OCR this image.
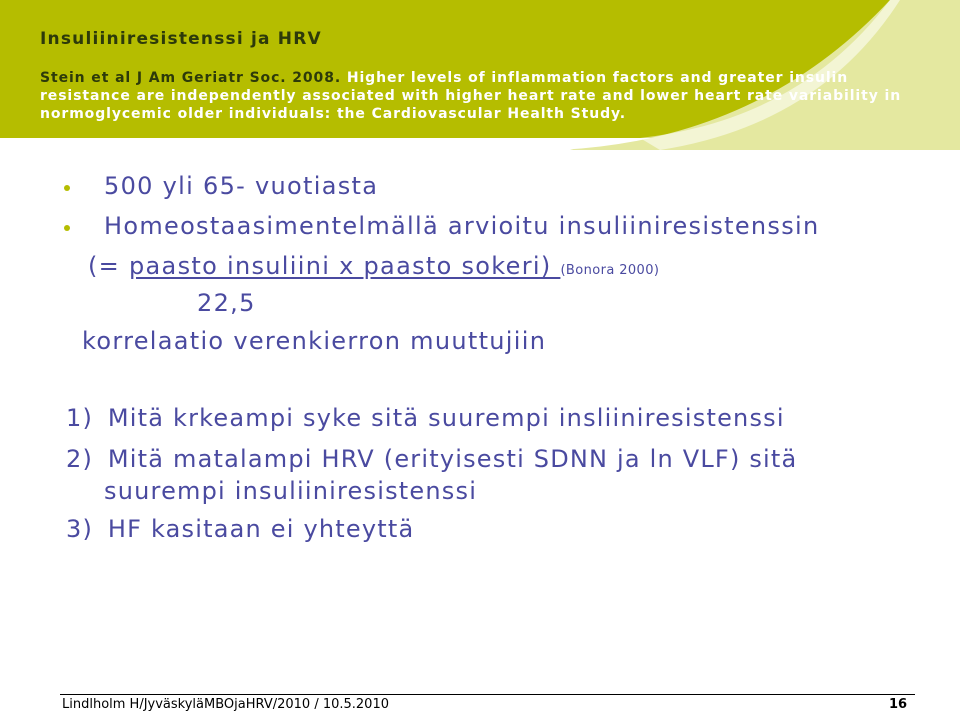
Insuliiniresistenssi ja HRV
Stein et al J Am Geriatr Soc. 2008. Higher levels of inflammation factors and greater insulin resistance are independently associated with higher heart rate and lower heart rate variability in normoglycemic older individuals: the Cardiovascular Health Study.
500 yli 65- vuotiasta
Homeostaasimentelmällä arvioitu insuliiniresistenssin
(= paasto insuliini x paasto sokeri) (Bonora 2000)
22,5
korrelaatio verenkierron muuttujiin
1) Mitä krkeampi syke sitä suurempi insliiniresistenssi
2) Mitä matalampi HRV (erityisesti SDNN ja ln VLF) sitä
suurempi insuliiniresistenssi
3) HF kasitaan ei yhteyttä
Lindlholm H/JyväskyläMBOjaHRV/2010 / 10.5.2010	16
